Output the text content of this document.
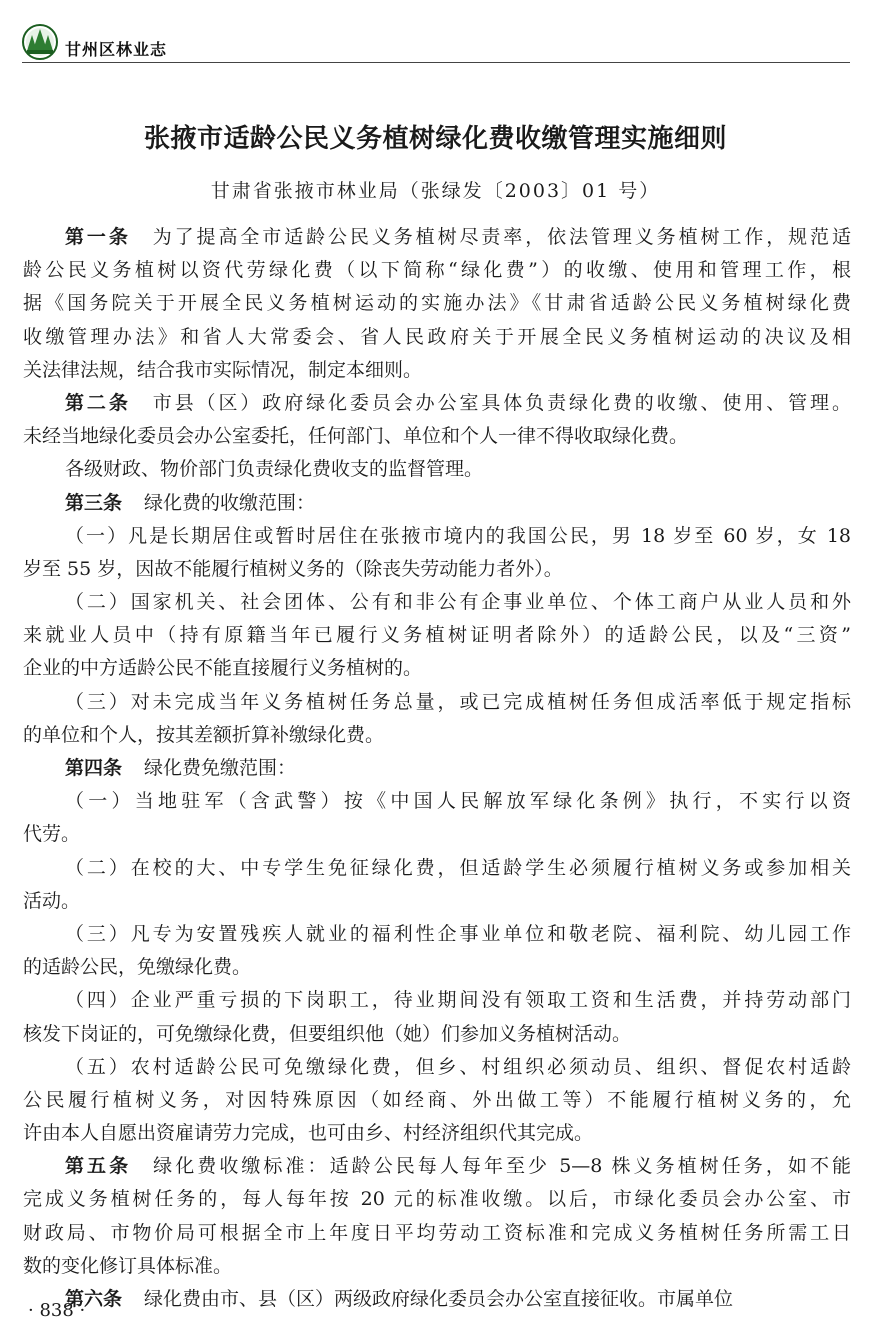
甘州区林业志
张掖市适龄公民义务植树绿化费收缴管理实施细则
甘肃省张掖市林业局（张绿发〔2003〕01 号）
第一条 为了提高全市适龄公民义务植树尽责率，依法管理义务植树工作，规范适
龄公民义务植树以资代劳绿化费（以下简称“绿化费”）的收缴、使用和管理工作，根
据《国务院关于开展全民义务植树运动的实施办法》《甘肃省适龄公民义务植树绿化费
收缴管理办法》和省人大常委会、省人民政府关于开展全民义务植树运动的决议及相
关法律法规，结合我市实际情况，制定本细则。
第二条 市县（区）政府绿化委员会办公室具体负责绿化费的收缴、使用、管理。
未经当地绿化委员会办公室委托，任何部门、单位和个人一律不得收取绿化费。
各级财政、物价部门负责绿化费收支的监督管理。
第三条 绿化费的收缴范围：
（一）凡是长期居住或暂时居住在张掖市境内的我国公民，男 18 岁至 60 岁，女 18
岁至 55 岁，因故不能履行植树义务的（除丧失劳动能力者外）。
（二）国家机关、社会团体、公有和非公有企事业单位、个体工商户从业人员和外
来就业人员中（持有原籍当年已履行义务植树证明者除外）的适龄公民，以及“三资”
企业的中方适龄公民不能直接履行义务植树的。
（三）对未完成当年义务植树任务总量，或已完成植树任务但成活率低于规定指标
的单位和个人，按其差额折算补缴绿化费。
第四条 绿化费免缴范围：
（一）当地驻军（含武警）按《中国人民解放军绿化条例》执行，不实行以资
代劳。
（二）在校的大、中专学生免征绿化费，但适龄学生必须履行植树义务或参加相关
活动。
（三）凡专为安置残疾人就业的福利性企事业单位和敬老院、福利院、幼儿园工作
的适龄公民，免缴绿化费。
（四）企业严重亏损的下岗职工，待业期间没有领取工资和生活费，并持劳动部门
核发下岗证的，可免缴绿化费，但要组织他（她）们参加义务植树活动。
（五）农村适龄公民可免缴绿化费，但乡、村组织必须动员、组织、督促农村适龄
公民履行植树义务，对因特殊原因（如经商、外出做工等）不能履行植树义务的，允
许由本人自愿出资雇请劳力完成，也可由乡、村经济组织代其完成。
第五条 绿化费收缴标准：适龄公民每人每年至少 5—8 株义务植树任务，如不能
完成义务植树任务的，每人每年按 20 元的标准收缴。以后，市绿化委员会办公室、市
财政局、市物价局可根据全市上年度日平均劳动工资标准和完成义务植树任务所需工日
数的变化修订具体标准。
第六条 绿化费由市、县（区）两级政府绿化委员会办公室直接征收。市属单位
· 838 ·
